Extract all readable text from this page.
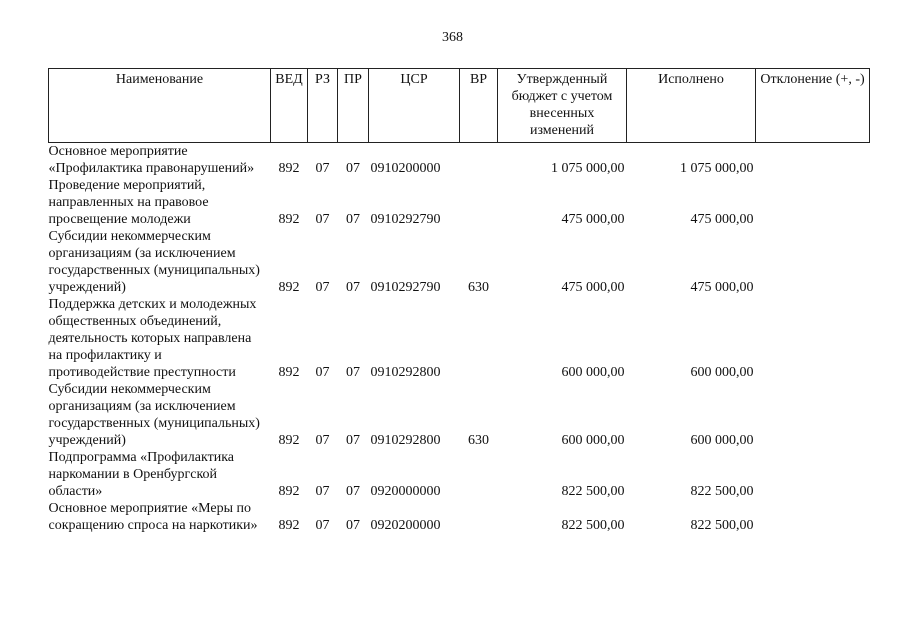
368
Наименование	ВЕД	РЗ	ПР	ЦСР	ВР	Утвержденный бюджет с учетом внесенных изменений	Исполнено	Отклонение (+, -)
Основное мероприятие «Профилактика правонарушений»	892	07	07	0910200000		1 075 000,00	1 075 000,00	
Проведение мероприятий, направленных на правовое просвещение молодежи	892	07	07	0910292790		475 000,00	475 000,00	
Субсидии некоммерческим организациям (за исключением государственных (муниципальных) учреждений)	892	07	07	0910292790	630	475 000,00	475 000,00	
Поддержка детских и молодежных общественных объединений, деятельность которых направлена на профилактику и противодействие преступности	892	07	07	0910292800		600 000,00	600 000,00	
Субсидии некоммерческим организациям (за исключением государственных (муниципальных) учреждений)	892	07	07	0910292800	630	600 000,00	600 000,00	
Подпрограмма «Профилактика наркомании в Оренбургской области»	892	07	07	0920000000		822 500,00	822 500,00	
Основное мероприятие «Меры по сокращению спроса на наркотики»	892	07	07	0920200000		822 500,00	822 500,00	
